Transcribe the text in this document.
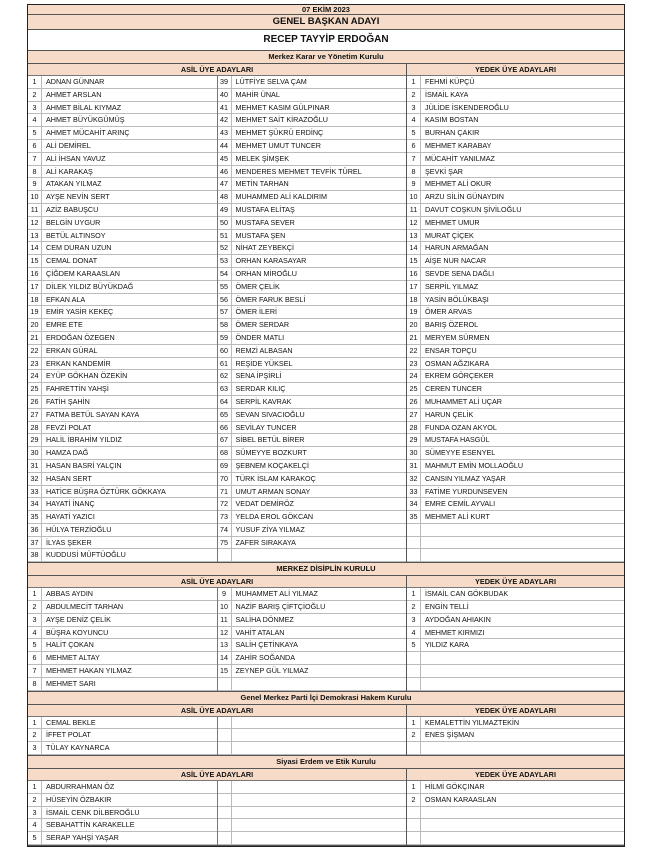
07 EKİM 2023
GENEL BAŞKAN ADAYI
RECEP TAYYİP ERDOĞAN
Merkez Karar ve Yönetim Kurulu
ASİL ÜYE ADAYLARI
1	ADNAN GÜNNAR
2	AHMET ARSLAN
3	AHMET BİLAL KIYMAZ
4	AHMET BÜYÜKGÜMÜŞ
5	AHMET MÜCAHİT ARINÇ
6	ALİ DEMİREL
7	ALİ İHSAN YAVUZ
8	ALİ KARAKAŞ
9	ATAKAN YILMAZ
10	AYŞE NEVİN SERT
11	AZİZ BABUŞCU
12	BELGİN UYGUR
13	BETÜL ALTINSOY
14	CEM DURAN UZUN
15	CEMAL DONAT
16	ÇİĞDEM KARAASLAN
17	DİLEK YILDIZ BÜYÜKDAĞ
18	EFKAN ALA
19	EMİR YASİR KEKEÇ
20	EMRE ETE
21	ERDOĞAN ÖZEGEN
22	ERKAN GÜRAL
23	ERKAN KANDEMİR
24	EYÜP GÖKHAN ÖZEKİN
25	FAHRETTİN YAHŞİ
26	FATİH ŞAHİN
27	FATMA BETÜL SAYAN KAYA
28	FEVZİ POLAT
29	HALİL İBRAHİM YILDIZ
30	HAMZA DAĞ
31	HASAN BASRİ YALÇIN
32	HASAN SERT
33	HATİCE BÜŞRA ÖZTÜRK GÖKKAYA
34	HAYATİ İNANÇ
35	HAYATİ YAZICI
36	HÜLYA TERZİOĞLU
37	İLYAS ŞEKER
38	KUDDUSİ MÜFTÜOĞLU
39	LÜTFİYE SELVA ÇAM
40	MAHİR ÜNAL
41	MEHMET KASIM GÜLPINAR
42	MEHMET SAİT KİRAZOĞLU
43	MEHMET ŞÜKRÜ ERDİNÇ
44	MEHMET UMUT TUNCER
45	MELEK ŞİMŞEK
46	MENDERES MEHMET TEVFİK TÜREL
47	METİN TARHAN
48	MUHAMMED ALİ KALDIRIM
49	MUSTAFA ELİTAŞ
50	MUSTAFA SEVER
51	MUSTAFA ŞEN
52	NİHAT ZEYBEKÇİ
53	ORHAN KARASAYAR
54	ORHAN MİROĞLU
55	ÖMER ÇELİK
56	ÖMER FARUK BESLİ
57	ÖMER İLERİ
58	ÖMER SERDAR
59	ÖNDER MATLI
60	REMZİ ALBASAN
61	REŞİDE YÜKSEL
62	SENA İPŞİRLİ
63	SERDAR KILIÇ
64	SERPİL KAVRAK
65	SEVAN SIVACIOĞLU
66	SEVİLAY TUNCER
67	SİBEL BETÜL BİRER
68	SÜMEYYE BOZKURT
69	ŞEBNEM KOÇAKELÇİ
70	TÜRK İSLAM KARAKOÇ
71	UMUT ARMAN SONAY
72	VEDAT DEMİRÖZ
73	YELDA EROL GÖKCAN
74	YUSUF ZİYA YILMAZ
75	ZAFER SIRAKAYA
YEDEK ÜYE ADAYLARI
1	FEHMİ KÜPÇÜ
2	İSMAİL KAYA
3	JÜLİDE İSKENDEROĞLU
4	KASIM BOSTAN
5	BURHAN ÇAKIR
6	MEHMET KARABAY
7	MÜCAHİT YANILMAZ
8	ŞEVKİ ŞAR
9	MEHMET ALİ OKUR
10	ARZU SİLİN GÜNAYDIN
11	DAVUT COŞKUN ŞİVİLOĞLU
12	MEHMET UMUR
13	MURAT ÇİÇEK
14	HARUN ARMAĞAN
15	AİŞE NUR NACAR
16	SEVDE SENA DAĞLI
17	SERPİL YILMAZ
18	YASİN BÖLÜKBAŞI
19	ÖMER ARVAS
20	BARIŞ ÖZEROL
21	MERYEM SÜRMEN
22	ENSAR TOPÇU
23	OSMAN AĞZIKARA
24	EKREM GÖRÇEKER
25	CEREN TUNCER
26	MUHAMMET ALİ UÇAR
27	HARUN ÇELİK
28	FUNDA OZAN AKYOL
29	MUSTAFA HASGÜL
30	SÜMEYYE ESENYEL
31	MAHMUT EMİN MOLLAOĞLU
32	CANSIN YILMAZ YAŞAR
33	FATİME YURDUNSEVEN
34	EMRE CEMİL AYVALI
35	MEHMET ALİ KURT
MERKEZ DİSİPLİN KURULU
ASİL ÜYE ADAYLARI
1	ABBAS AYDIN
2	ABDULMECİT TARHAN
3	AYŞE DENİZ ÇELİK
4	BÜŞRA KOYUNCU
5	HALİT ÇOKAN
6	MEHMET ALTAY
7	MEHMET HAKAN YILMAZ
8	MEHMET SARI
9	MUHAMMET ALİ YILMAZ
10	NAZİF BARIŞ ÇİFTÇİOĞLU
11	SALİHA DÖNMEZ
12	VAHİT ATALAN
13	SALİH ÇETİNKAYA
14	ZAHİR SOĞANDA
15	ZEYNEP GÜL YILMAZ
YEDEK ÜYE ADAYLARI
1	İSMAİL CAN GÖKBUDAK
2	ENGİN TELLİ
3	AYDOĞAN AHIAKIN
4	MEHMET KIRMIZI
5	YILDIZ KARA
Genel Merkez Parti İçi Demokrasi Hakem Kurulu
ASİL ÜYE ADAYLARI
1	CEMAL BEKLE
2	İFFET POLAT
3	TÜLAY KAYNARCA
YEDEK ÜYE ADAYLARI
1	KEMALETTİN YILMAZTEKİN
2	ENES ŞİŞMAN
Siyasi Erdem ve Etik Kurulu
ASİL ÜYE ADAYLARI
1	ABDURRAHMAN ÖZ
2	HÜSEYİN ÖZBAKIR
3	İSMAİL CENK DİLBEROĞLU
4	SEBAHATTİN KARAKELLE
5	SERAP YAHŞİ YAŞAR
YEDEK ÜYE ADAYLARI
1	HİLMİ GÖKÇINAR
2	OSMAN KARAASLAN
